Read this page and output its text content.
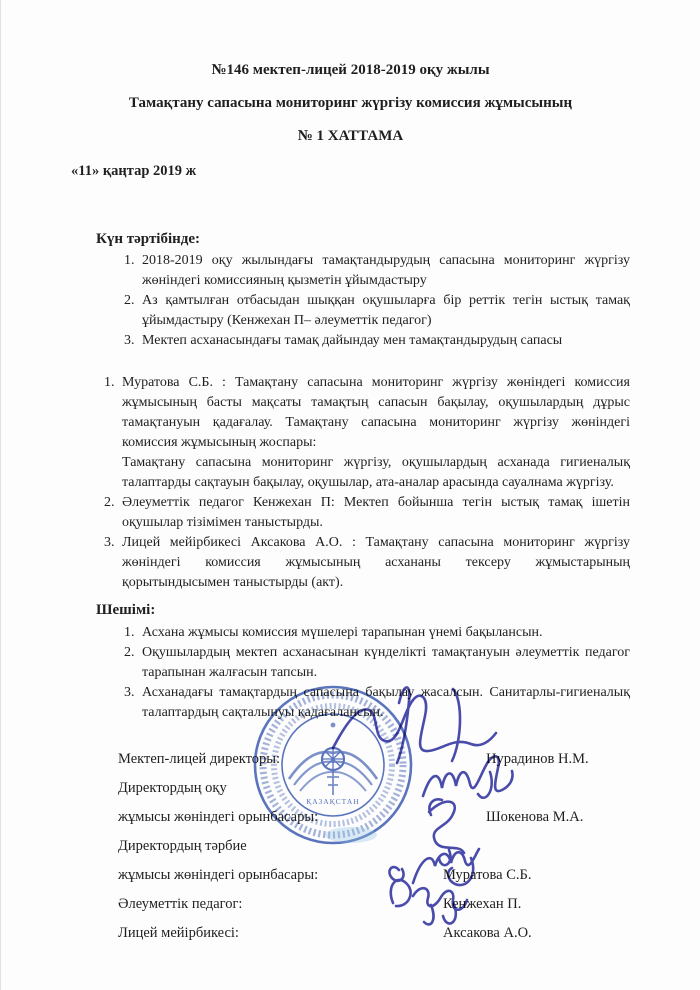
№146 мектеп-лицей 2018-2019 оқу жылы

Тамақтану сапасына мониторинг жүргізу комиссия жұмысының

№ 1 ХАТТАМА

«11» қаңтар 2019 ж
Күн тәртібінде:
1. 2018-2019 оқу жылындағы тамақтандырудың сапасына мониторинг жүргізу жөніндегі комиссияның қызметін ұйымдастыру
2. Аз қамтылған отбасыдан шыққан оқушыларға бір реттік тегін ыстық тамақ ұйымдастыру (Кенжехан П– әлеуметтік педагог)
3. Мектеп асханасындағы тамақ дайындау мен тамақтандырудың сапасы
1. Муратова С.Б. : Тамақтану сапасына мониторинг жүргізу жөніндегі комиссия жұмысының басты мақсаты тамақтың сапасын бақылау, оқушылардың дұрыс тамақтануын қадағалау. Тамақтану сапасына мониторинг жүргізу жөніндегі комиссия жұмысының жоспары:
Тамақтану сапасына мониторинг жүргізу, оқушылардың асханада гигиеналық талаптарды сақтауын бақылау, оқушылар, ата-аналар арасында сауалнама жүргізу.
2. Әлеуметтік педагог Кенжехан П: Мектеп бойынша тегін ыстық тамақ ішетін оқушылар тізімімен таныстырды.
3. Лицей мейірбикесі Аксакова А.О. : Тамақтану сапасына мониторинг жүргізу жөніндегі комиссия жұмысының асхананы тексеру жұмыстарының қорытындысымен таныстырды (акт).
Шешімі:
1. Асхана жұмысы комиссия мүшелері тарапынан үнемі бақылансын.
2. Оқушылардың мектеп асханасынан күнделікті тамақтануын әлеуметтік педагог тарапынан жалғасын тапсын.
3. Асханадағы тамақтардың сапасына бақылау жасалсын. Санитарлы-гигиеналық талаптардың сақталынуы қадағалансын.
Мектеп-лицей директоры:	Нурадинов Н.М.
Директордың оқу
жұмысы жөніндегі орынбасары:	Шокенова М.А.
Директордың тәрбие
жұмысы жөніндегі орынбасары:	Муратова С.Б.
Әлеуметтік педагог:	Кенжехан П.
Лицей мейірбикесі:	Аксакова А.О.
ҚАЗАҚСТАН
